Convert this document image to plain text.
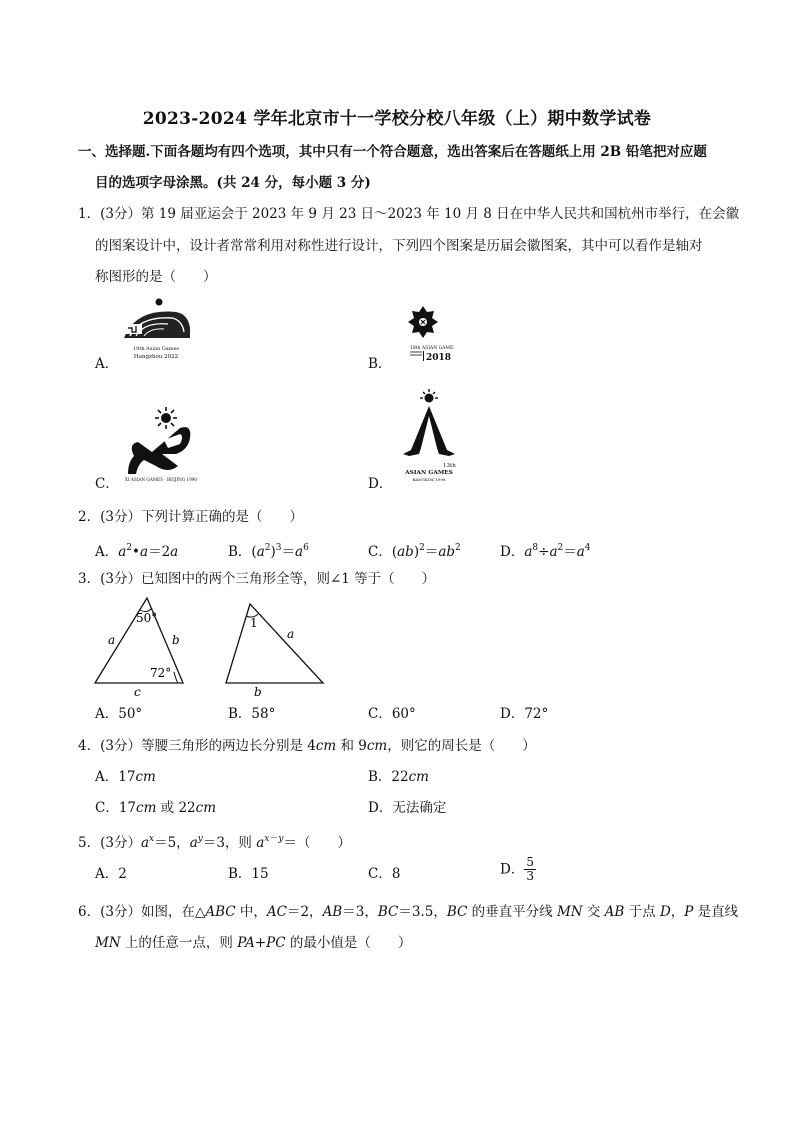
2023-2024 学年北京市十一学校分校八年级（上）期中数学试卷
一、选择题.下面各题均有四个选项，其中只有一个符合题意，选出答案后在答题纸上用 2B 铅笔把对应题
目的选项字母涂黑。(共 24 分，每小题 3 分)
1．(3分）第 19 届亚运会于 2023 年 9 月 23 日～2023 年 10 月 8 日在中华人民共和国杭州市举行，在会徽
的图案设计中，设计者常常利用对称性进行设计，下列四个图案是历届会徽图案，其中可以看作是轴对
称图形的是（　　）
19th Asian Games
Hangzhou 2022
A．
18th ASIAN GAMES
2018
B．
XI ASIAN GAMES · BEIJING 1990
C．
13th
ASIAN GAMES
BANGKOK 1998
D．
2．(3分）下列计算正确的是（　　）
A．$a^2•a=2a$	B．$(a^2)^3=a^6$	C．$(ab)^2=ab^2$	D．$a^8\div a^2=a^4$
3．(3分）已知图中的两个三角形全等，则∠1 等于（　　）
50°
72°
a	b
c
1
a
b
A．50°	B．58°	C．60°	D．72°
4．(3分）等腰三角形的两边长分别是 4cm 和 9cm，则它的周长是（　　）
A．17cm	B．22cm
C．17cm 或 22cm	D．无法确定
5．(3分）$a^x=5$，$a^y=3$，则 $a^{x-y}=$（　　）
A．2	B．15	C．8	D． $\frac{5}{3}$
6．(3分）如图，在△ABC 中，AC＝2，AB＝3，BC＝3.5，BC 的垂直平分线 MN 交 AB 于点 D，P 是直线
MN 上的任意一点，则 PA+PC 的最小值是（　　）
